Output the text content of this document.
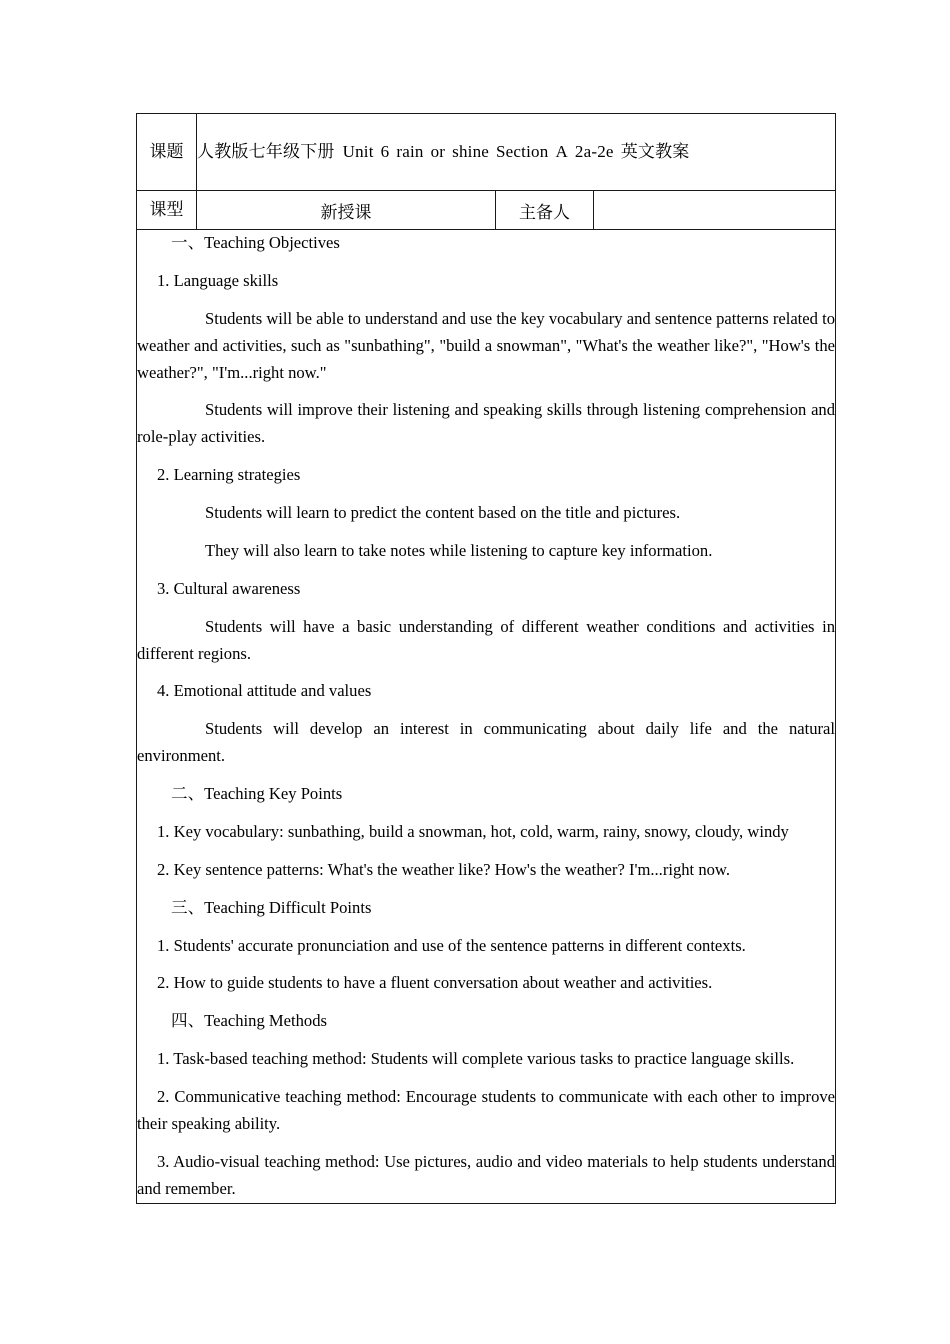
课题	人教版七年级下册 Unit 6 rain or shine Section A 2a-2e 英文教案		
课型	新授课	主备人	

一、Teaching Objectives

1. Language skills

Students will be able to understand and use the key vocabulary and sentence patterns related to weather and activities, such as "sunbathing", "build a snowman", "What's the weather like?", "How's the weather?", "I'm...right now."

Students will improve their listening and speaking skills through listening comprehension and role-play activities.

2. Learning strategies

Students will learn to predict the content based on the title and pictures.

They will also learn to take notes while listening to capture key information.

3. Cultural awareness

Students will have a basic understanding of different weather conditions and activities in different regions.

4. Emotional attitude and values

Students will develop an interest in communicating about daily life and the natural environment.

二、Teaching Key Points

1. Key vocabulary: sunbathing, build a snowman, hot, cold, warm, rainy, snowy, cloudy, windy

2. Key sentence patterns: What's the weather like? How's the weather? I'm...right now.

三、Teaching Difficult Points

1. Students' accurate pronunciation and use of the sentence patterns in different contexts.

2. How to guide students to have a fluent conversation about weather and activities.

四、Teaching Methods

1. Task-based teaching method: Students will complete various tasks to practice language skills.

2. Communicative teaching method: Encourage students to communicate with each other to improve their speaking ability.

3. Audio-visual teaching method: Use pictures, audio and video materials to help students understand and remember.
